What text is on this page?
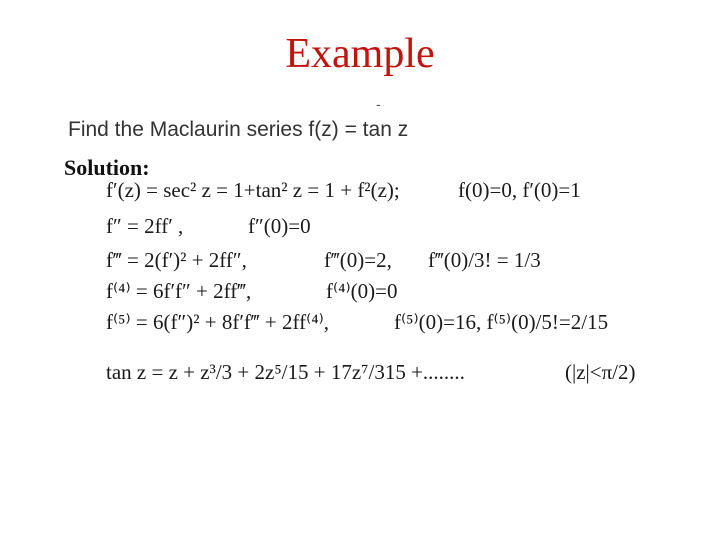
Example
-
Find the Maclaurin series f(z) = tan z
Solution:
f′(z) = sec² z = 1+tan² z = 1 + f²(z);	f(0)=0, f′(0)=1
f″ = 2ff′ ,	f″(0)=0
f‴ = 2(f′)² + 2ff″,	f‴(0)=2, f‴(0)/3! = 1/3
f⁽⁴⁾ = 6f′f″ + 2ff‴,	f⁽⁴⁾(0)=0
f⁽⁵⁾ = 6(f″)² + 8f′f‴ + 2ff⁽⁴⁾,	f⁽⁵⁾(0)=16, f⁽⁵⁾(0)/5!=2/15
tan z = z + z³/3 + 2z⁵/15 + 17z⁷/315 +........	(|z|<π/2)
